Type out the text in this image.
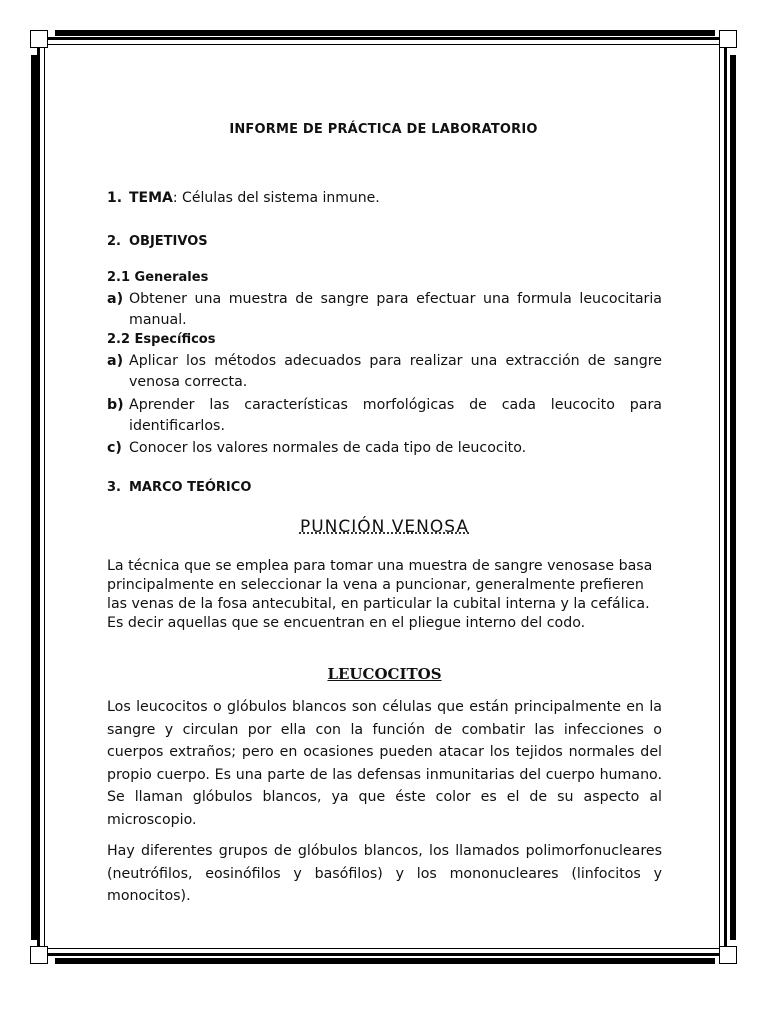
INFORME DE PRÁCTICA DE LABORATORIO
1. TEMA: Células del sistema inmune.
2. OBJETIVOS
2.1 Generales
a) Obtener una muestra de sangre para efectuar una formula leucocitaria manual.
2.2 Específicos
a) Aplicar los métodos adecuados para realizar una extracción de sangre venosa correcta.
b) Aprender las características morfológicas de cada leucocito para identificarlos.
c) Conocer los valores normales de cada tipo de leucocito.
3. MARCO TEÓRICO
PUNCIÓN VENOSA
La técnica que se emplea para tomar una muestra de sangre venosase basa principalmente en seleccionar la vena a puncionar, generalmente prefieren las venas de la fosa antecubital, en particular la cubital interna y la cefálica. Es decir aquellas que se encuentran en el pliegue interno del codo.
LEUCOCITOS
Los leucocitos o glóbulos blancos son células que están principalmente en la sangre y circulan por ella con la función de combatir las infecciones o cuerpos extraños; pero en ocasiones pueden atacar los tejidos normales del propio cuerpo. Es una parte de las defensas inmunitarias del cuerpo humano. Se llaman glóbulos blancos, ya que éste color es el de su aspecto al microscopio.
Hay diferentes grupos de glóbulos blancos, los llamados polimorfonucleares (neutrófilos, eosinófilos y basófilos) y los mononucleares (linfocitos y monocitos).
